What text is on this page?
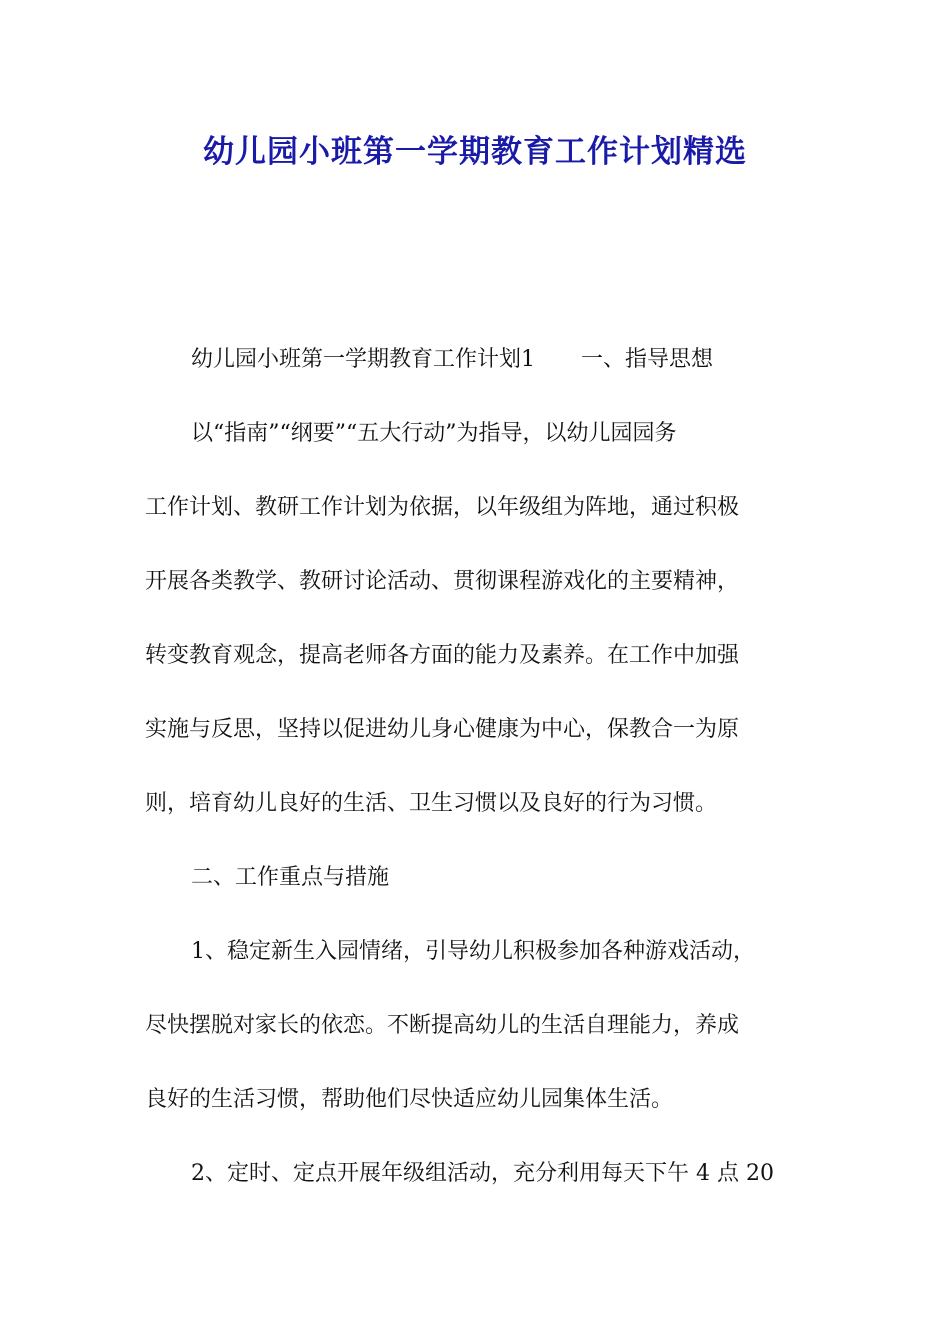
幼儿园小班第一学期教育工作计划精选
幼儿园小班第一学期教育工作计划1 一、指导思想
以“指南”“纲要”“五大行动”为指导，以幼儿园园务
工作计划、教研工作计划为依据，以年级组为阵地，通过积极
开展各类教学、教研讨论活动、贯彻课程游戏化的主要精神，
转变教育观念，提高老师各方面的能力及素养。在工作中加强
实施与反思，坚持以促进幼儿身心健康为中心，保教合一为原
则，培育幼儿良好的生活、卫生习惯以及良好的行为习惯。
二、工作重点与措施
1、稳定新生入园情绪，引导幼儿积极参加各种游戏活动，
尽快摆脱对家长的依恋。不断提高幼儿的生活自理能力，养成
良好的生活习惯，帮助他们尽快适应幼儿园集体生活。
2、定时、定点开展年级组活动，充分利用每天下午 4 点 20
